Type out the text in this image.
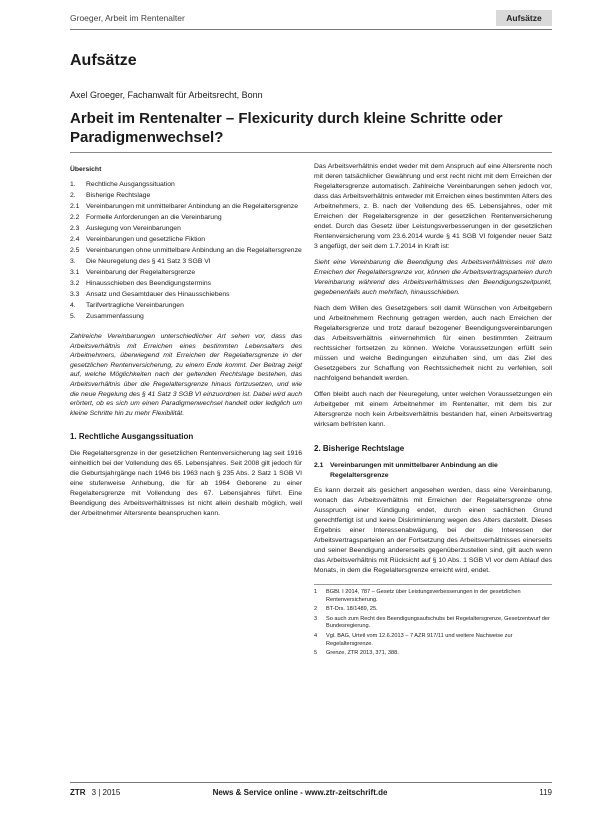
Groeger, Arbeit im Rentenalter	Aufsätze
Aufsätze
Axel Groeger, Fachanwalt für Arbeitsrecht, Bonn
Arbeit im Rentenalter – Flexicurity durch kleine Schritte oder Paradigmenwechsel?
Übersicht
1.	Rechtliche Ausgangssituation
2.	Bisherige Rechtslage
2.1 Vereinbarungen mit unmittelbarer Anbindung an die Regelaltersgrenze
2.2 Formelle Anforderungen an die Vereinbarung
2.3 Auslegung von Vereinbarungen
2.4 Vereinbarungen und gesetzliche Fiktion
2.5 Vereinbarungen ohne unmittelbare Anbindung an die Regelaltersgrenze
3.	Die Neuregelung des § 41 Satz 3 SGB VI
3.1 Vereinbarung der Regelaltersgrenze
3.2 Hinausschieben des Beendigungstermins
3.3 Ansatz und Gesamtdauer des Hinausschiebens
4.	Tarifvertragliche Vereinbarungen
5.	Zusammenfassung
Zahlreiche Vereinbarungen unterschiedlicher Art sehen vor, dass das Arbeitsverhältnis mit Erreichen eines bestimmten Lebensalters des Arbeitnehmers, überwiegend mit Erreichen der Regelaltersgrenze in der gesetzlichen Rentenversicherung, zu einem Ende kommt. Der Beitrag zeigt auf, welche Möglichkeiten nach der geltenden Rechtslage bestehen, das Arbeitsverhältnis über die Regelaltersgrenze hinaus fortzusetzen, und wie die neue Regelung des § 41 Satz 3 SGB VI einzuordnen ist. Dabei wird auch erörtert, ob es sich um einen Paradigmenwechsel handelt oder lediglich um kleine Schritte hin zu mehr Flexibilität.
1. Rechtliche Ausgangssituation

Die Regelaltersgrenze in der gesetzlichen Rentenversicherung lag seit 1916 einheitlich bei der Vollendung des 65. Lebensjahres. Seit 2008 gilt jedoch für die Geburtsjahrgänge nach 1946 bis 1963 nach § 235 Abs. 2 Satz 1 SGB VI eine stufenweise Anhebung, die für ab 1964 Geborene zu einer Regelaltersgrenze mit Vollendung des 67. Lebensjahres führt. Eine Beendigung des Arbeitsverhältnisses ist nicht allein deshalb möglich, weil der Arbeitnehmer Altersrente beanspruchen kann.

Das Arbeitsverhältnis endet weder mit dem Anspruch auf eine Altersrente noch mit deren tatsächlicher Gewährung und erst recht nicht mit dem Erreichen der Regelaltersgrenze automatisch. Zahlreiche Vereinbarungen sehen jedoch vor, dass das Arbeitsverhältnis entweder mit Erreichen eines bestimmten Alters des Arbeitnehmers, z. B. nach der Vollendung des 65. Lebensjahres, oder mit Erreichen der Regelaltersgrenze in der gesetzlichen Rentenversicherung endet. Durch das Gesetz über Leistungsverbesserungen in der gesetzlichen Rentenversicherung vom 23.6.2014 wurde § 41 SGB VI folgender neuer Satz 3 angefügt, der seit dem 1.7.2014 in Kraft ist:

Sieht eine Vereinbarung die Beendigung des Arbeitsverhältnisses mit dem Erreichen der Regelaltersgrenze vor, können die Arbeitsvertragsparteien durch Vereinbarung während des Arbeitsverhältnisses den Beendigungszeitpunkt, gegebenenfalls auch mehrfach, hinausschieben.

Nach dem Willen des Gesetzgebers soll damit Wünschen von Arbeitgebern und Arbeitnehmern Rechnung getragen werden, auch nach Erreichen der Regelaltersgrenze und trotz darauf bezogener Beendigungsvereinbarungen das Arbeitsverhältnis einvernehmlich für einen bestimmten Zeitraum rechtssicher fortsetzen zu können. Welche Voraussetzungen erfüllt sein müssen und welche Bedingungen einzuhalten sind, um das Ziel des Gesetzgebers zur Schaffung von Rechtssicherheit nicht zu verfehlen, soll nachfolgend behandelt werden.

Offen bleibt auch nach der Neuregelung, unter welchen Voraussetzungen ein Arbeitgeber mit einem Arbeitnehmer im Rentenalter, mit dem bis zur Altersgrenze noch kein Arbeitsverhältnis bestanden hat, einen Arbeitsvertrag wirksam befristen kann.

2. Bisherige Rechtslage
2.1 Vereinbarungen mit unmittelbarer Anbindung an die Regelaltersgrenze

Es kann derzeit als gesichert angesehen werden, dass eine Vereinbarung, wonach das Arbeitsverhältnis mit Erreichen der Regelaltersgrenze ohne Ausspruch einer Kündigung endet, durch einen sachlichen Grund gerechtfertigt ist und keine Diskriminierung wegen des Alters darstellt. Dieses Ergebnis einer Interessenabwägung, bei der die Interessen der Arbeitsvertragsparteien an der Fortsetzung des Arbeitsverhältnisses einerseits und seiner Beendigung andererseits gegenüberzustellen sind, gilt auch wenn das Arbeitsverhältnis mit Rücksicht auf § 10 Abs. 1 SGB VI vor dem Ablauf des Monats, in dem die Regelaltersgrenze erreicht wird, endet.

1	BGBl. I 2014, 787 – Gesetz über Leistungsverbesserungen in der gesetzlichen Rentenversicherung.
2	BT-Drs. 18/1489, 25.
3	So auch zum Recht des Beendigungsaufschubs bei Regelaltersgrenze, Gesetzentwurf der Bundesregierung.
4	Vgl. BAG, Urteil vom 12.6.2013 – 7 AZR 917/11 und weitere Nachweise zur Regelaltersgrenze.
5	Grenze, ZTR 2013, 371, 388.
ZTR 3 | 2015	News & Service online - www.ztr-zeitschrift.de	119
